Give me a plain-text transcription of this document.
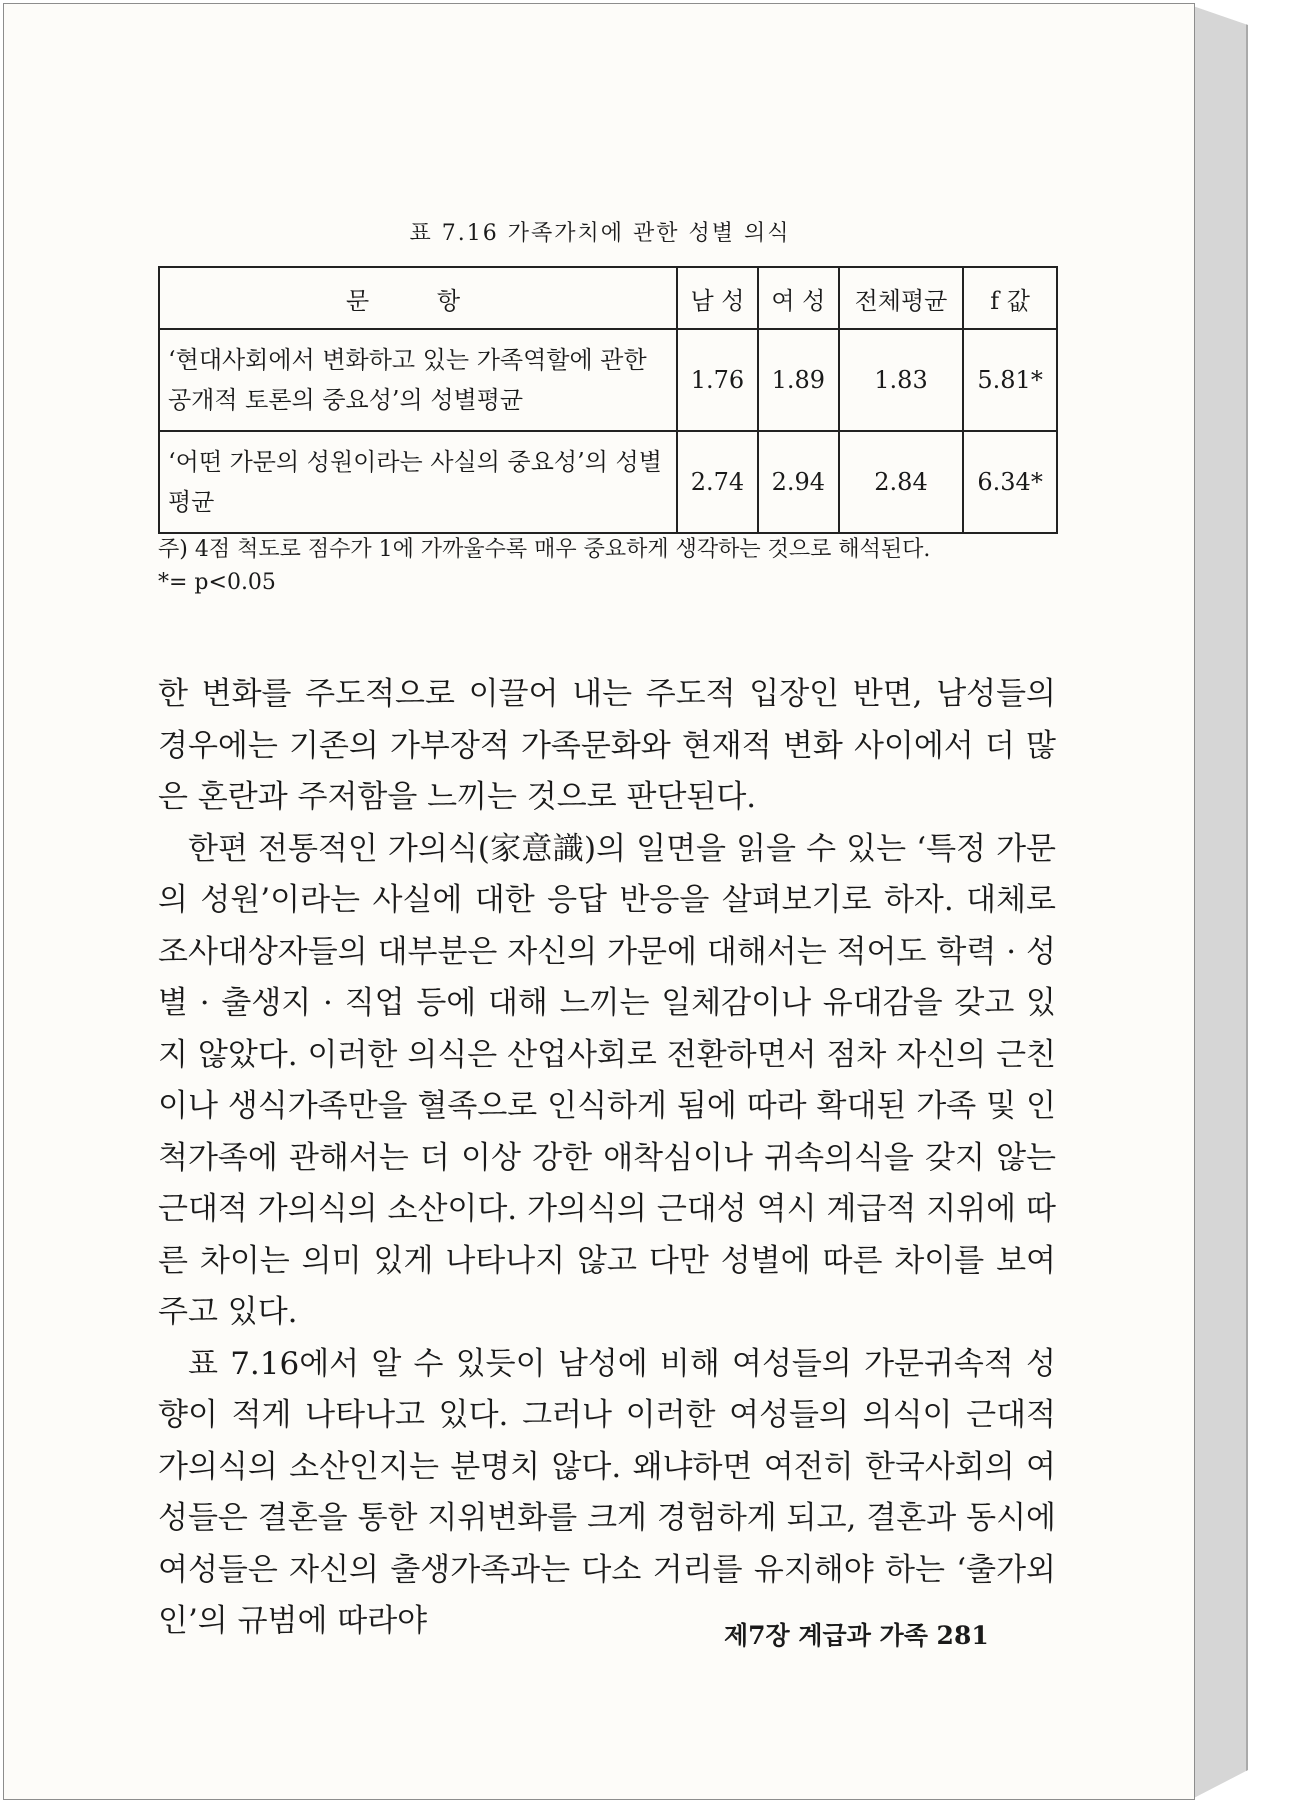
표 7.16 가족가치에 관한 성별 의식
문 항	남 성	여 성	전체평균	f 값
‘현대사회에서 변화하고 있는 가족역할에 관한 공개적 토론의 중요성’의 성별평균	1.76	1.89	1.83	5.81*
‘어떤 가문의 성원이라는 사실의 중요성’의 성별평균	2.74	2.94	2.84	6.34*
주) 4점 척도로 점수가 1에 가까울수록 매우 중요하게 생각하는 것으로 해석된다.
*= p<0.05

한 변화를 주도적으로 이끌어 내는 주도적 입장인 반면, 남성들의 경우에는 기존의 가부장적 가족문화와 현재적 변화 사이에서 더 많은 혼란과 주저함을 느끼는 것으로 판단된다.

한편 전통적인 가의식(家意識)의 일면을 읽을 수 있는 ‘특정 가문의 성원’이라는 사실에 대한 응답 반응을 살펴보기로 하자. 대체로 조사대상자들의 대부분은 자신의 가문에 대해서는 적어도 학력 · 성별 · 출생지 · 직업 등에 대해 느끼는 일체감이나 유대감을 갖고 있지 않았다. 이러한 의식은 산업사회로 전환하면서 점차 자신의 근친이나 생식가족만을 혈족으로 인식하게 됨에 따라 확대된 가족 및 인척가족에 관해서는 더 이상 강한 애착심이나 귀속의식을 갖지 않는 근대적 가의식의 소산이다. 가의식의 근대성 역시 계급적 지위에 따른 차이는 의미 있게 나타나지 않고 다만 성별에 따른 차이를 보여 주고 있다.

표 7.16에서 알 수 있듯이 남성에 비해 여성들의 가문귀속적 성향이 적게 나타나고 있다. 그러나 이러한 여성들의 의식이 근대적 가의식의 소산인지는 분명치 않다. 왜냐하면 여전히 한국사회의 여성들은 결혼을 통한 지위변화를 크게 경험하게 되고, 결혼과 동시에 여성들은 자신의 출생가족과는 다소 거리를 유지해야 하는 ‘출가외인’의 규범에 따라야	제7장 계급과 가족 281
